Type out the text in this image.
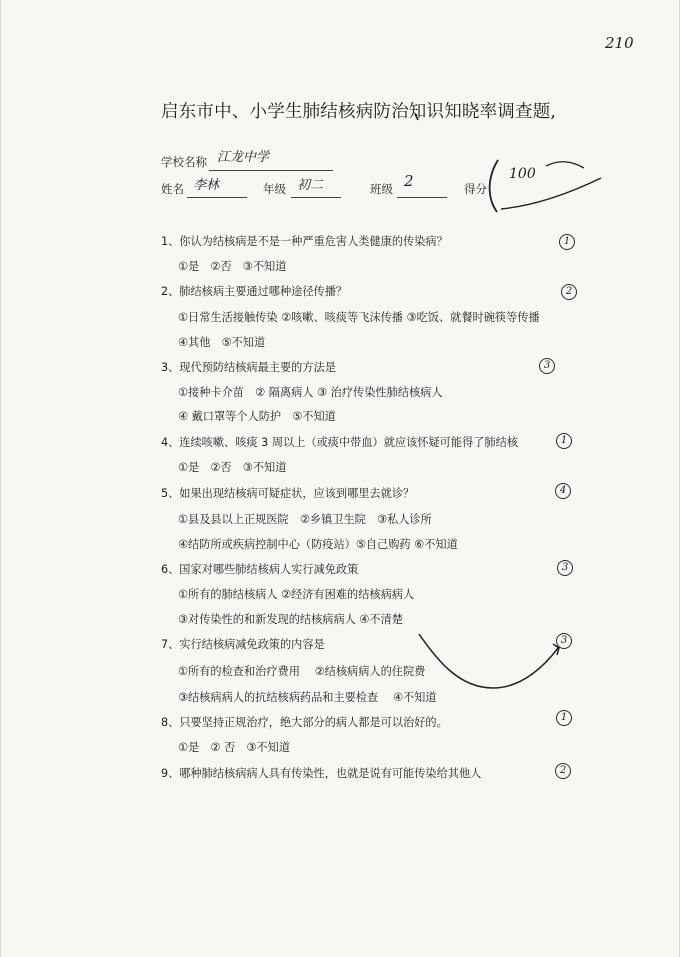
210
启东市中、小学生肺结核病防治知识知晓率调查题,
学校名称 江龙中学
姓名 李林	年级 初二	班级 2	得分
100
1、你认为结核病是不是一种严重危害人类健康的传染病？
①是　②否　③不知道
1
2、肺结核病主要通过哪种途径传播？
①日常生活接触传染 ②咳嗽、咳痰等飞沫传播 ③吃饭、就餐时碗筷等传播
④其他　⑤不知道
2
3、现代预防结核病最主要的方法是
①接种卡介苗　② 隔离病人 ③ 治疗传染性肺结核病人
④ 戴口罩等个人防护　⑤不知道
3
4、连续咳嗽、咳痰 3 周以上（或痰中带血）就应该怀疑可能得了肺结核
①是　②否　③不知道
1
5、如果出现结核病可疑症状，应该到哪里去就诊？
①县及县以上正规医院　②乡镇卫生院　③私人诊所
④结防所或疾病控制中心（防疫站）⑤自己购药 ⑥不知道
4
6、国家对哪些肺结核病人实行减免政策
①所有的肺结核病人 ②经济有困难的结核病病人
③对传染性的和新发现的结核病病人 ④不清楚
3
7、实行结核病减免政策的内容是
①所有的检查和治疗费用　 ②结核病病人的住院费
③结核病病人的抗结核病药品和主要检查　 ④不知道
3
8、只要坚持正规治疗，绝大部分的病人都是可以治好的。
①是　② 否　③不知道
1
9、哪种肺结核病病人具有传染性，也就是说有可能传染给其他人	2
